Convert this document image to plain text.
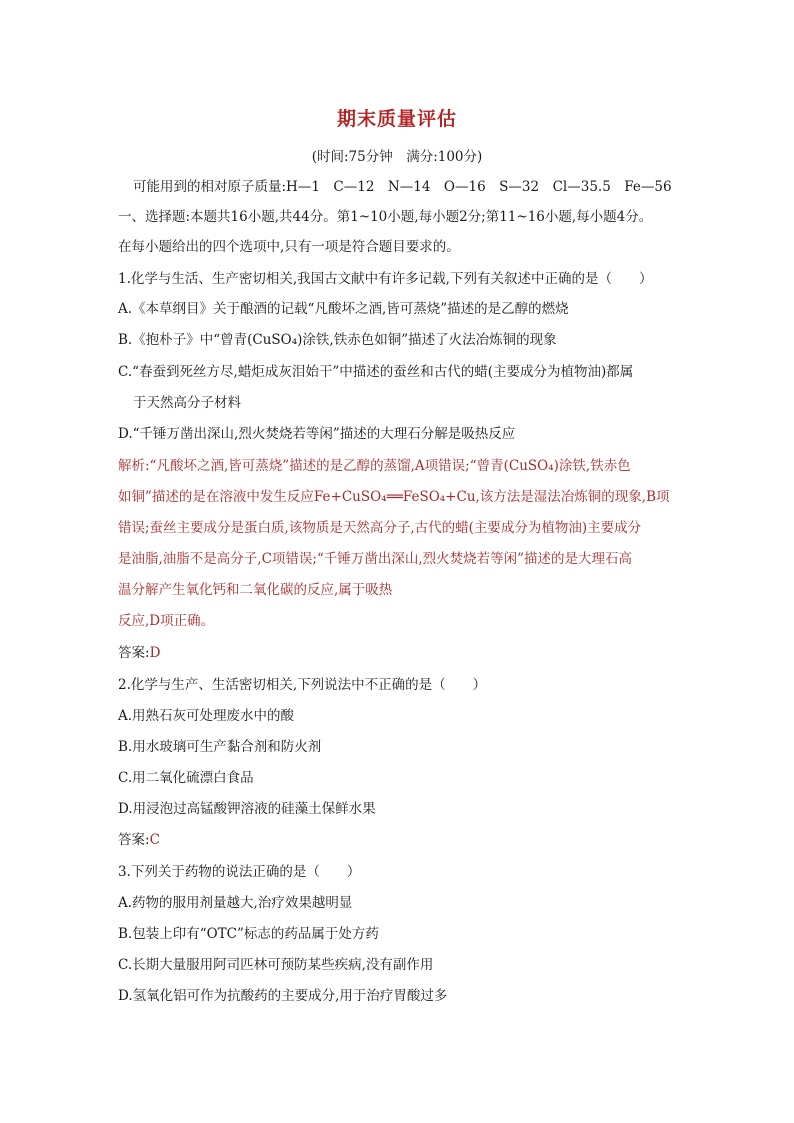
期末质量评估
(时间:75分钟　满分:100分)
可能用到的相对原子质量:H—1　C—12　N—14　O—16　S—32　Cl—35.5　Fe—56
一、选择题:本题共16小题,共44分。第1~10小题,每小题2分;第11~16小题,每小题4分。
在每小题给出的四个选项中,只有一项是符合题目要求的。
1.化学与生活、生产密切相关,我国古文献中有许多记载,下列有关叙述中正确的是（　　）
A.《本草纲目》关于酿酒的记载“凡酸坏之酒,皆可蒸烧”描述的是乙醇的燃烧
B.《抱朴子》中“曾青(CuSO₄)涂铁,铁赤色如铜”描述了火法冶炼铜的现象
C.“春蚕到死丝方尽,蜡炬成灰泪始干”中描述的蚕丝和古代的蜡(主要成分为植物油)都属
于天然高分子材料
D.“千锤万凿出深山,烈火焚烧若等闲”描述的大理石分解是吸热反应
解析:“凡酸坏之酒,皆可蒸烧”描述的是乙醇的蒸馏,A项错误;“曾青(CuSO₄)涂铁,铁赤色
如铜”描述的是在溶液中发生反应Fe+CuSO₄══FeSO₄+Cu,该方法是湿法冶炼铜的现象,B项
错误;蚕丝主要成分是蛋白质,该物质是天然高分子,古代的蜡(主要成分为植物油)主要成分
是油脂,油脂不是高分子,C项错误;“千锤万凿出深山,烈火焚烧若等闲”描述的是大理石高
温分解产生氧化钙和二氧化碳的反应,属于吸热
反应,D项正确。
答案:D
2.化学与生产、生活密切相关,下列说法中不正确的是（　　）
A.用熟石灰可处理废水中的酸
B.用水玻璃可生产黏合剂和防火剂
C.用二氧化硫漂白食品
D.用浸泡过高锰酸钾溶液的硅藻土保鲜水果
答案:C
3.下列关于药物的说法正确的是（　　）
A.药物的服用剂量越大,治疗效果越明显
B.包装上印有“OTC”标志的药品属于处方药
C.长期大量服用阿司匹林可预防某些疾病,没有副作用
D.氢氧化铝可作为抗酸药的主要成分,用于治疗胃酸过多
